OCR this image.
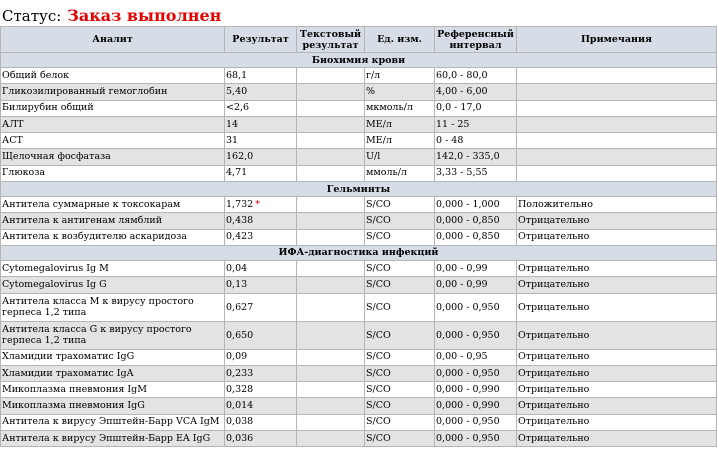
Статус: Заказ выполнен
Аналит	Результат	Текстовый результат	Ед. изм.	Референсный интервал	Примечания
Биохимия крови					
Общий белок	68,1		г/л	60,0 - 80,0	
Гликозилированный гемоглобин	5,40		%	4,00 - 6,00	
Билирубин общий	<2,6		мкмоль/л	0,0 - 17,0	
АЛТ	14		МЕ/л	11 - 25	
АСТ	31		МЕ/л	0 - 48	
Щелочная фосфатаза	162,0		U/l	142,0 - 335,0	
Глюкоза	4,71		ммоль/л	3,33 - 5,55	
Гельминты					
Антитела суммарные к токсокарам	1,732 *		S/CO	0,000 - 1,000	Положительно
Антитела к антигенам лямблий	0,438		S/CO	0,000 - 0,850	Отрицательно
Антитела к возбудителю аскаридоза	0,423		S/CO	0,000 - 0,850	Отрицательно
ИФА-диагностика инфекций					
Cytomegalovirus Ig M	0,04		S/CO	0,00 - 0,99	Отрицательно
Cytomegalovirus Ig G	0,13		S/CO	0,00 - 0,99	Отрицательно
Антитела класса М к вирусу простого герпеса 1,2 типа	0,627		S/CO	0,000 - 0,950	Отрицательно
Антитела класса G к вирусу простого герпеса 1,2 типа	0,650		S/CO	0,000 - 0,950	Отрицательно
Хламидии трахоматис IgG	0,09		S/CO	0,00 - 0,95	Отрицательно
Хламидии трахоматис IgA	0,233		S/CO	0,000 - 0,950	Отрицательно
Микоплазма пневмония IgM	0,328		S/CO	0,000 - 0,990	Отрицательно
Микоплазма пневмония IgG	0,014		S/CO	0,000 - 0,990	Отрицательно
Антитела к вирусу Эпштейн-Барр VCA IgM	0,038		S/CO	0,000 - 0,950	Отрицательно
Антитела к вирусу Эпштейн-Барр EA IgG	0,036		S/CO	0,000 - 0,950	Отрицательно
